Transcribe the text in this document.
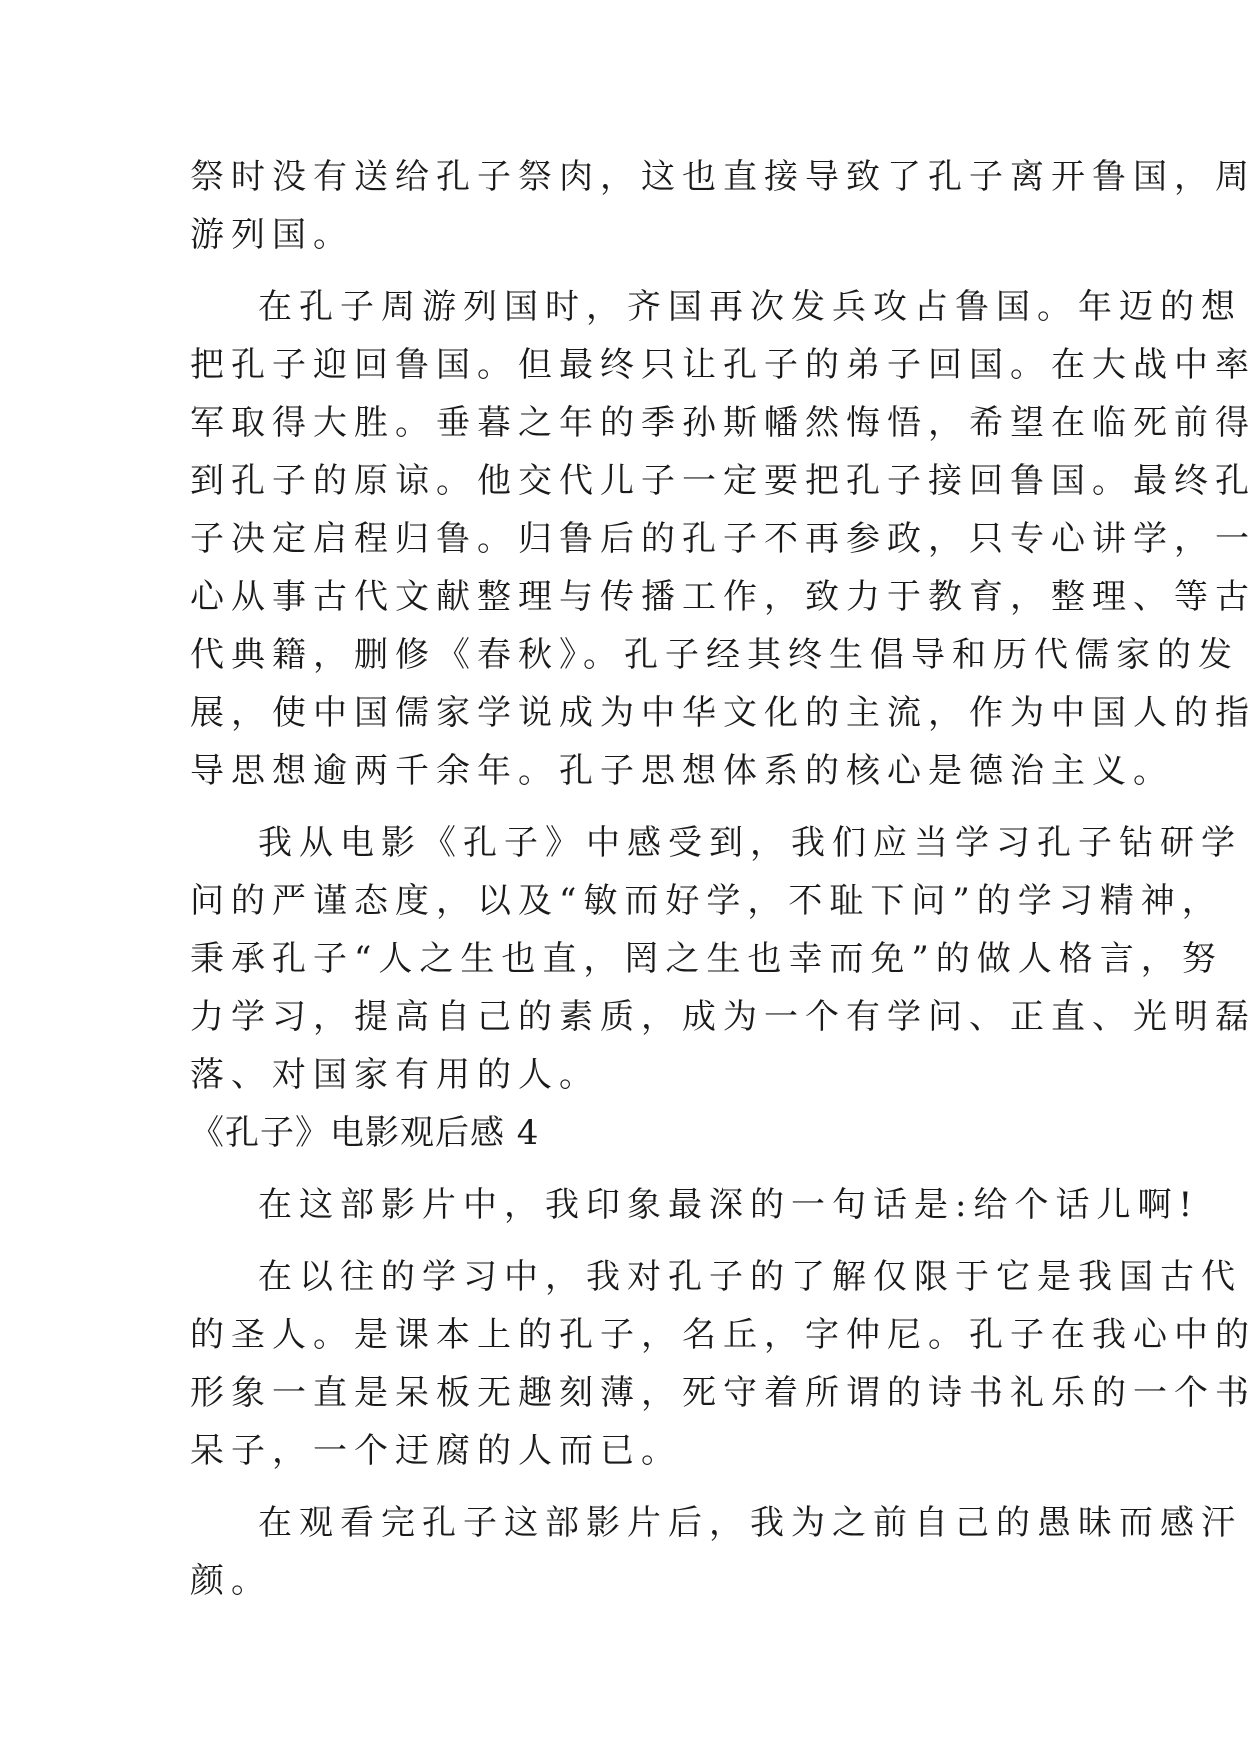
祭时没有送给孔子祭肉，这也直接导致了孔子离开鲁国，周
游列国。
在孔子周游列国时，齐国再次发兵攻占鲁国。年迈的想
把孔子迎回鲁国。但最终只让孔子的弟子回国。在大战中率
军取得大胜。垂暮之年的季孙斯幡然悔悟，希望在临死前得
到孔子的原谅。他交代儿子一定要把孔子接回鲁国。最终孔
子决定启程归鲁。归鲁后的孔子不再参政，只专心讲学，一
心从事古代文献整理与传播工作，致力于教育，整理、等古
代典籍，删修《春秋》。孔子经其终生倡导和历代儒家的发
展，使中国儒家学说成为中华文化的主流，作为中国人的指
导思想逾两千余年。孔子思想体系的核心是德治主义。
我从电影《孔子》中感受到，我们应当学习孔子钻研学
问的严谨态度，以及“敏而好学，不耻下问”的学习精神，
秉承孔子“人之生也直，罔之生也幸而免”的做人格言，努
力学习，提高自己的素质，成为一个有学问、正直、光明磊
落、对国家有用的人。
《孔子》电影观后感 4
在这部影片中，我印象最深的一句话是:给个话儿啊!
在以往的学习中，我对孔子的了解仅限于它是我国古代
的圣人。是课本上的孔子，名丘，字仲尼。孔子在我心中的
形象一直是呆板无趣刻薄，死守着所谓的诗书礼乐的一个书
呆子，一个迂腐的人而已。
在观看完孔子这部影片后，我为之前自己的愚昧而感汗
颜。
